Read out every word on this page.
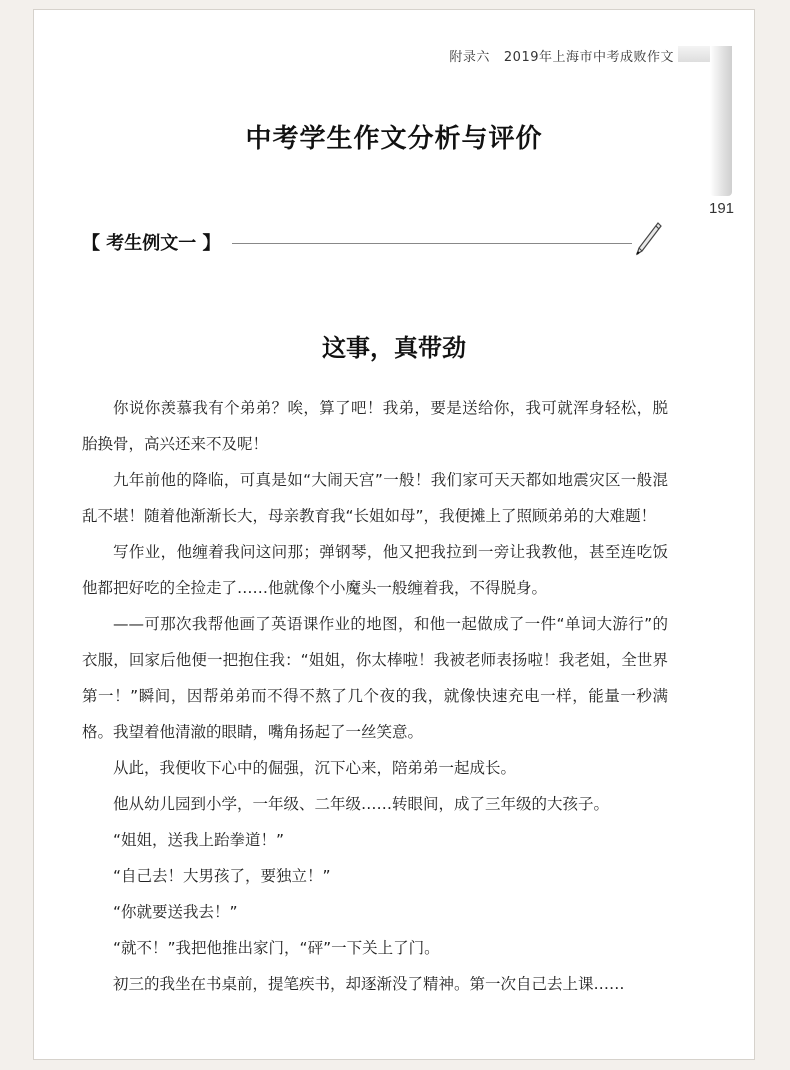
附录六 2019年上海市中考成败作文
191
中考学生作文分析与评价
【 考生例文一 】
这事，真带劲

你说你羡慕我有个弟弟？唉，算了吧！我弟，要是送给你，我可就浑身轻松，脱胎换骨，高兴还来不及呢！

九年前他的降临，可真是如“大闹天宫”一般！我们家可天天都如地震灾区一般混乱不堪！随着他渐渐长大，母亲教育我“长姐如母”，我便摊上了照顾弟弟的大难题！

写作业，他缠着我问这问那；弹钢琴，他又把我拉到一旁让我教他，甚至连吃饭他都把好吃的全捡走了……他就像个小魔头一般缠着我，不得脱身。

——可那次我帮他画了英语课作业的地图，和他一起做成了一件“单词大游行”的衣服，回家后他便一把抱住我：“姐姐，你太棒啦！我被老师表扬啦！我老姐，全世界第一！”瞬间，因帮弟弟而不得不熬了几个夜的我，就像快速充电一样，能量一秒满格。我望着他清澈的眼睛，嘴角扬起了一丝笑意。

从此，我便收下心中的倔强，沉下心来，陪弟弟一起成长。

他从幼儿园到小学，一年级、二年级……转眼间，成了三年级的大孩子。

“姐姐，送我上跆拳道！”

“自己去！大男孩了，要独立！”

“你就要送我去！”

“就不！”我把他推出家门，“砰”一下关上了门。

初三的我坐在书桌前，提笔疾书，却逐渐没了精神。第一次自己去上课……
